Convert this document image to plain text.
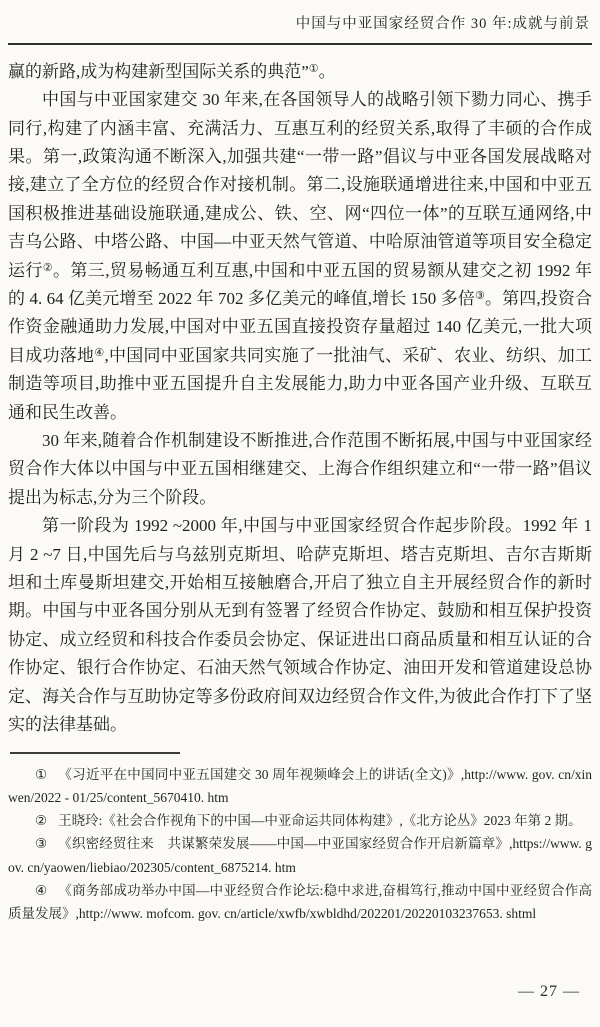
中国与中亚国家经贸合作 30 年:成就与前景

赢的新路,成为构建新型国际关系的典范”①。

中国与中亚国家建交 30 年来,在各国领导人的战略引领下勠力同心、携手同行,构建了内涵丰富、充满活力、互惠互利的经贸关系,取得了丰硕的合作成果。第一,政策沟通不断深入,加强共建“一带一路”倡议与中亚各国发展战略对接,建立了全方位的经贸合作对接机制。第二,设施联通增进往来,中国和中亚五国积极推进基础设施联通,建成公、铁、空、网“四位一体”的互联互通网络,中吉乌公路、中塔公路、中国—中亚天然气管道、中哈原油管道等项目安全稳定运行②。第三,贸易畅通互利互惠,中国和中亚五国的贸易额从建交之初 1992 年的 4. 64 亿美元增至 2022 年 702 多亿美元的峰值,增长 150 多倍③。第四,投资合作资金融通助力发展,中国对中亚五国直接投资存量超过 140 亿美元,一批大项目成功落地④,中国同中亚国家共同实施了一批油气、采矿、农业、纺织、加工制造等项目,助推中亚五国提升自主发展能力,助力中亚各国产业升级、互联互通和民生改善。

30 年来,随着合作机制建设不断推进,合作范围不断拓展,中国与中亚国家经贸合作大体以中国与中亚五国相继建交、上海合作组织建立和“一带一路”倡议提出为标志,分为三个阶段。

第一阶段为 1992 ~2000 年,中国与中亚国家经贸合作起步阶段。1992 年 1 月 2 ~7 日,中国先后与乌兹别克斯坦、哈萨克斯坦、塔吉克斯坦、吉尔吉斯斯坦和土库曼斯坦建交,开始相互接触磨合,开启了独立自主开展经贸合作的新时期。中国与中亚各国分别从无到有签署了经贸合作协定、鼓励和相互保护投资协定、成立经贸和科技合作委员会协定、保证进出口商品质量和相互认证的合作协定、银行合作协定、石油天然气领域合作协定、油田开发和管道建设总协定、海关合作与互助协定等多份政府间双边经贸合作文件,为彼此合作打下了坚实的法律基础。

① 《习近平在中国同中亚五国建交 30 周年视频峰会上的讲话(全文)》,http://www. gov. cn/xinwen/2022 - 01/25/content_5670410. htm

② 王晓玲:《社会合作视角下的中国—中亚命运共同体构建》,《北方论丛》2023 年第 2 期。

③ 《织密经贸往来　共谋繁荣发展——中国—中亚国家经贸合作开启新篇章》,https://www. gov. cn/yaowen/liebiao/202305/content_6875214. htm

④ 《商务部成功举办中国—中亚经贸合作论坛:稳中求进,奋楫笃行,推动中国中亚经贸合作高质量发展》,http://www. mofcom. gov. cn/article/xwfb/xwbldhd/202201/20220103237653. shtml

— 27 —
